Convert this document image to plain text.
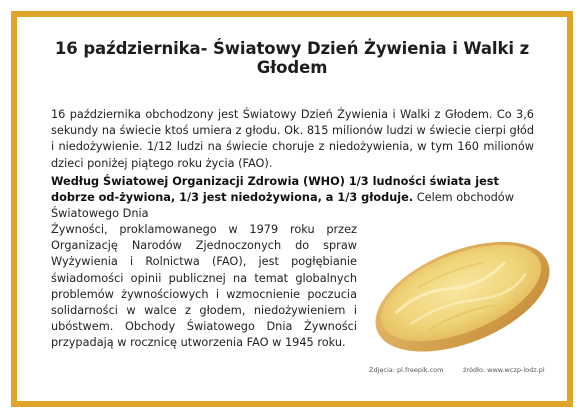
16 października- Światowy Dzień Żywienia i Walki z Głodem
16 października obchodzony jest Światowy Dzień Żywienia i Walki z Głodem. Co 3,6 sekundy na świecie ktoś umiera z głodu. Ok. 815 milionów ludzi w świecie cierpi głód i niedożywienie. 1/12 ludzi na świecie choruje z niedożywienia, w tym 160 milionów dzieci poniżej piątego roku życia (FAO).
Według Światowej Organizacji Zdrowia (WHO) 1/3 ludności świata jest dobrze od-żywiona, 1/3 jest niedożywiona, a 1/3 głoduje. Celem obchodów Światowego Dnia
Żywności, proklamowanego w 1979 roku przez Organizację Narodów Zjednoczonych do spraw Wyżywienia i Rolnictwa (FAO), jest pogłębianie świadomości opinii publicznej na temat globalnych problemów żywnościowych i wzmocnienie poczucia solidarności w walce z głodem, niedożywieniem i ubóstwem. Obchody Światowego Dnia Żywności przypadają w rocznicę utworzenia FAO w 1945 roku.
Zdjęcia: pl.freepik.com	źródło: www.wczp-lodz.pl
